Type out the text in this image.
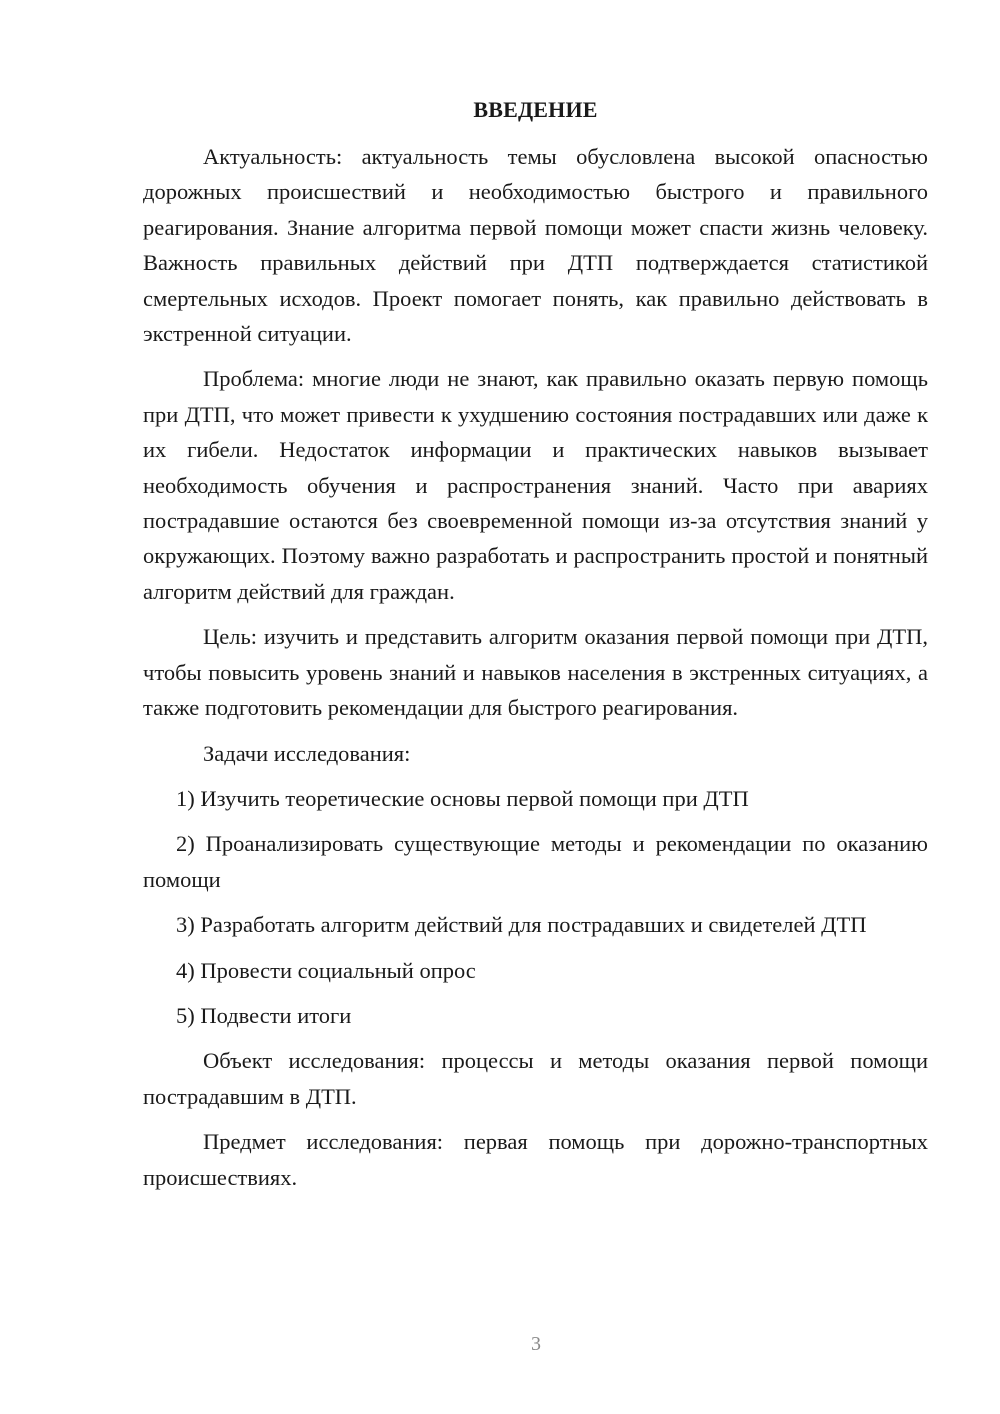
ВВЕДЕНИЕ

Актуальность: актуальность темы обусловлена высокой опасностью дорожных происшествий и необходимостью быстрого и правильного реагирования. Знание алгоритма первой помощи может спасти жизнь человеку. Важность правильных действий при ДТП подтверждается статистикой смертельных исходов. Проект помогает понять, как правильно действовать в экстренной ситуации.

Проблема: многие люди не знают, как правильно оказать первую помощь при ДТП, что может привести к ухудшению состояния пострадавших или даже к их гибели. Недостаток информации и практических навыков вызывает необходимость обучения и распространения знаний. Часто при авариях пострадавшие остаются без своевременной помощи из-за отсутствия знаний у окружающих. Поэтому важно разработать и распространить простой и понятный алгоритм действий для граждан.

Цель: изучить и представить алгоритм оказания первой помощи при ДТП, чтобы повысить уровень знаний и навыков населения в экстренных ситуациях, а также подготовить рекомендации для быстрого реагирования.

Задачи исследования:

1) Изучить теоретические основы первой помощи при ДТП

2) Проанализировать существующие методы и рекомендации по оказанию помощи

3) Разработать алгоритм действий для пострадавших и свидетелей ДТП

4) Провести социальный опрос

5) Подвести итоги

Объект исследования: процессы и методы оказания первой помощи пострадавшим в ДТП.

Предмет исследования: первая помощь при дорожно-транспортных происшествиях.

3
